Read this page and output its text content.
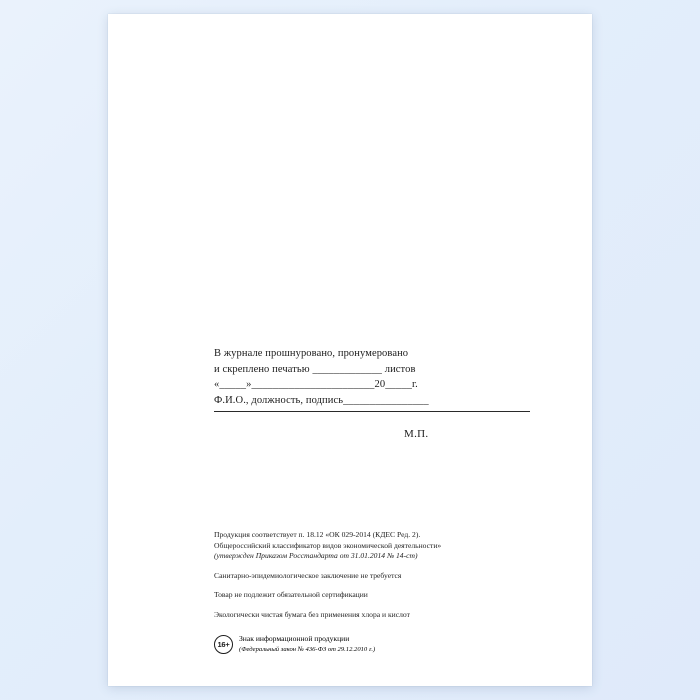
В журнале прошнуровано, пронумеровано
и скреплено печатью _____________ листов
«_____»_______________________20_____г.
Ф.И.О., должность, подпись________________
М.П.
Продукция соответствует п. 18.12 «ОК 029-2014 (КДЕС Ред. 2).
Общероссийский классификатор видов экономической деятельности»
(утвержден Приказом Росстандарта от 31.01.2014 № 14-ст)
Санитарно-эпидемиологическое заключение не требуется
Товар не подлежит обязательной сертификации
Экологически чистая бумага без применения хлора и кислот
16+
Знак информационной продукции
(Федеральный закон № 436-ФЗ от 29.12.2010 г.)
